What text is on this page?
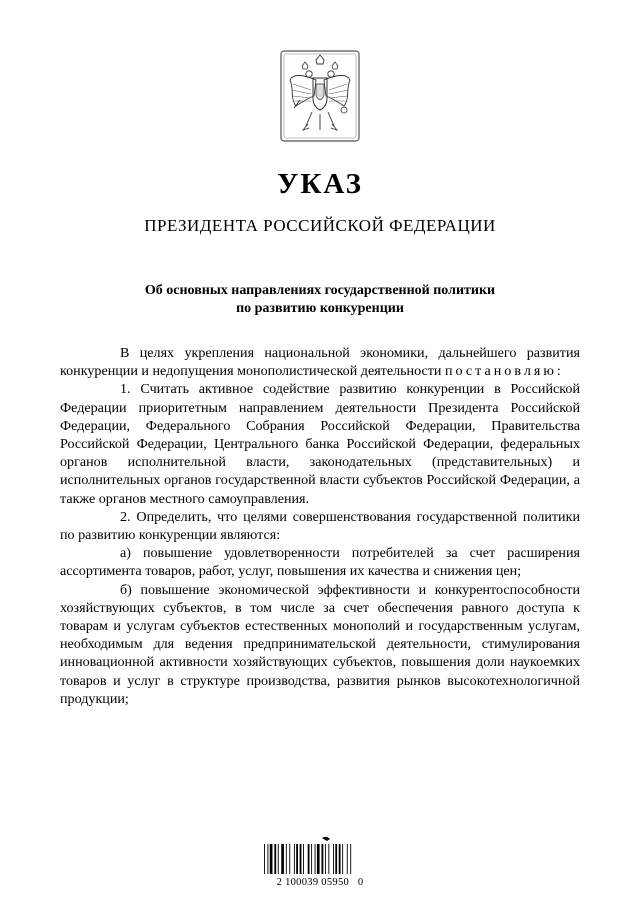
УКАЗ
ПРЕЗИДЕНТА РОССИЙСКОЙ ФЕДЕРАЦИИ
Об основных направлениях государственной политики
по развитию конкуренции

В целях укрепления национальной экономики, дальнейшего развития конкуренции и недопущения монополистической деятельности постановляю:

1. Считать активное содействие развитию конкуренции в Российской Федерации приоритетным направлением деятельности Президента Российской Федерации, Федерального Собрания Российской Федерации, Правительства Российской Федерации, Центрального банка Российской Федерации, федеральных органов исполнительной власти, законодательных (представительных) и исполнительных органов государственной власти субъектов Российской Федерации, а также органов местного самоуправления.

2. Определить, что целями совершенствования государственной политики по развитию конкуренции являются:

а) повышение удовлетворенности потребителей за счет расширения ассортимента товаров, работ, услуг, повышения их качества и снижения цен;

б) повышение экономической эффективности и конкурентоспособности хозяйствующих субъектов, в том числе за счет обеспечения равного доступа к товарам и услугам субъектов естественных монополий и государственным услугам, необходимым для ведения предпринимательской деятельности, стимулирования инновационной активности хозяйствующих субъектов, повышения доли наукоемких товаров и услуг в структуре производства, развития рынков высокотехнологичной продукции;

2 100039 05950   0
